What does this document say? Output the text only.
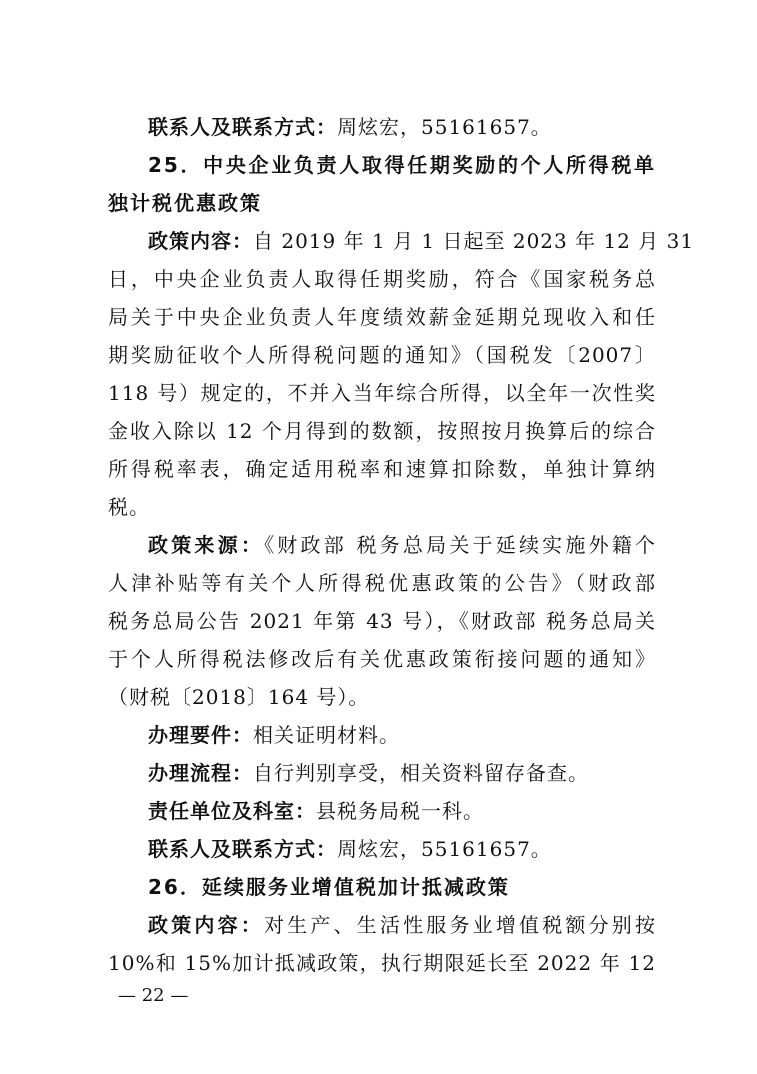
联系人及联系方式：周炫宏，55161657。
25．中央企业负责人取得任期奖励的个人所得税单
独计税优惠政策
政策内容：自 2019 年 1 月 1 日起至 2023 年 12 月 31
日，中央企业负责人取得任期奖励，符合《国家税务总
局关于中央企业负责人年度绩效薪金延期兑现收入和任
期奖励征收个人所得税问题的通知》（国税发〔2007〕
118 号）规定的，不并入当年综合所得，以全年一次性奖
金收入除以 12 个月得到的数额，按照按月换算后的综合
所得税率表，确定适用税率和速算扣除数，单独计算纳
税。
政策来源：《财政部 税务总局关于延续实施外籍个
人津补贴等有关个人所得税优惠政策的公告》（财政部
税务总局公告 2021 年第 43 号），《财政部 税务总局关
于个人所得税法修改后有关优惠政策衔接问题的通知》
（财税〔2018〕164 号）。
办理要件：相关证明材料。
办理流程：自行判别享受，相关资料留存备查。
责任单位及科室：县税务局税一科。
联系人及联系方式：周炫宏，55161657。
26．延续服务业增值税加计抵减政策
政策内容：对生产、生活性服务业增值税额分别按
10%和 15%加计抵减政策，执行期限延长至 2022 年 12
— 22 —
